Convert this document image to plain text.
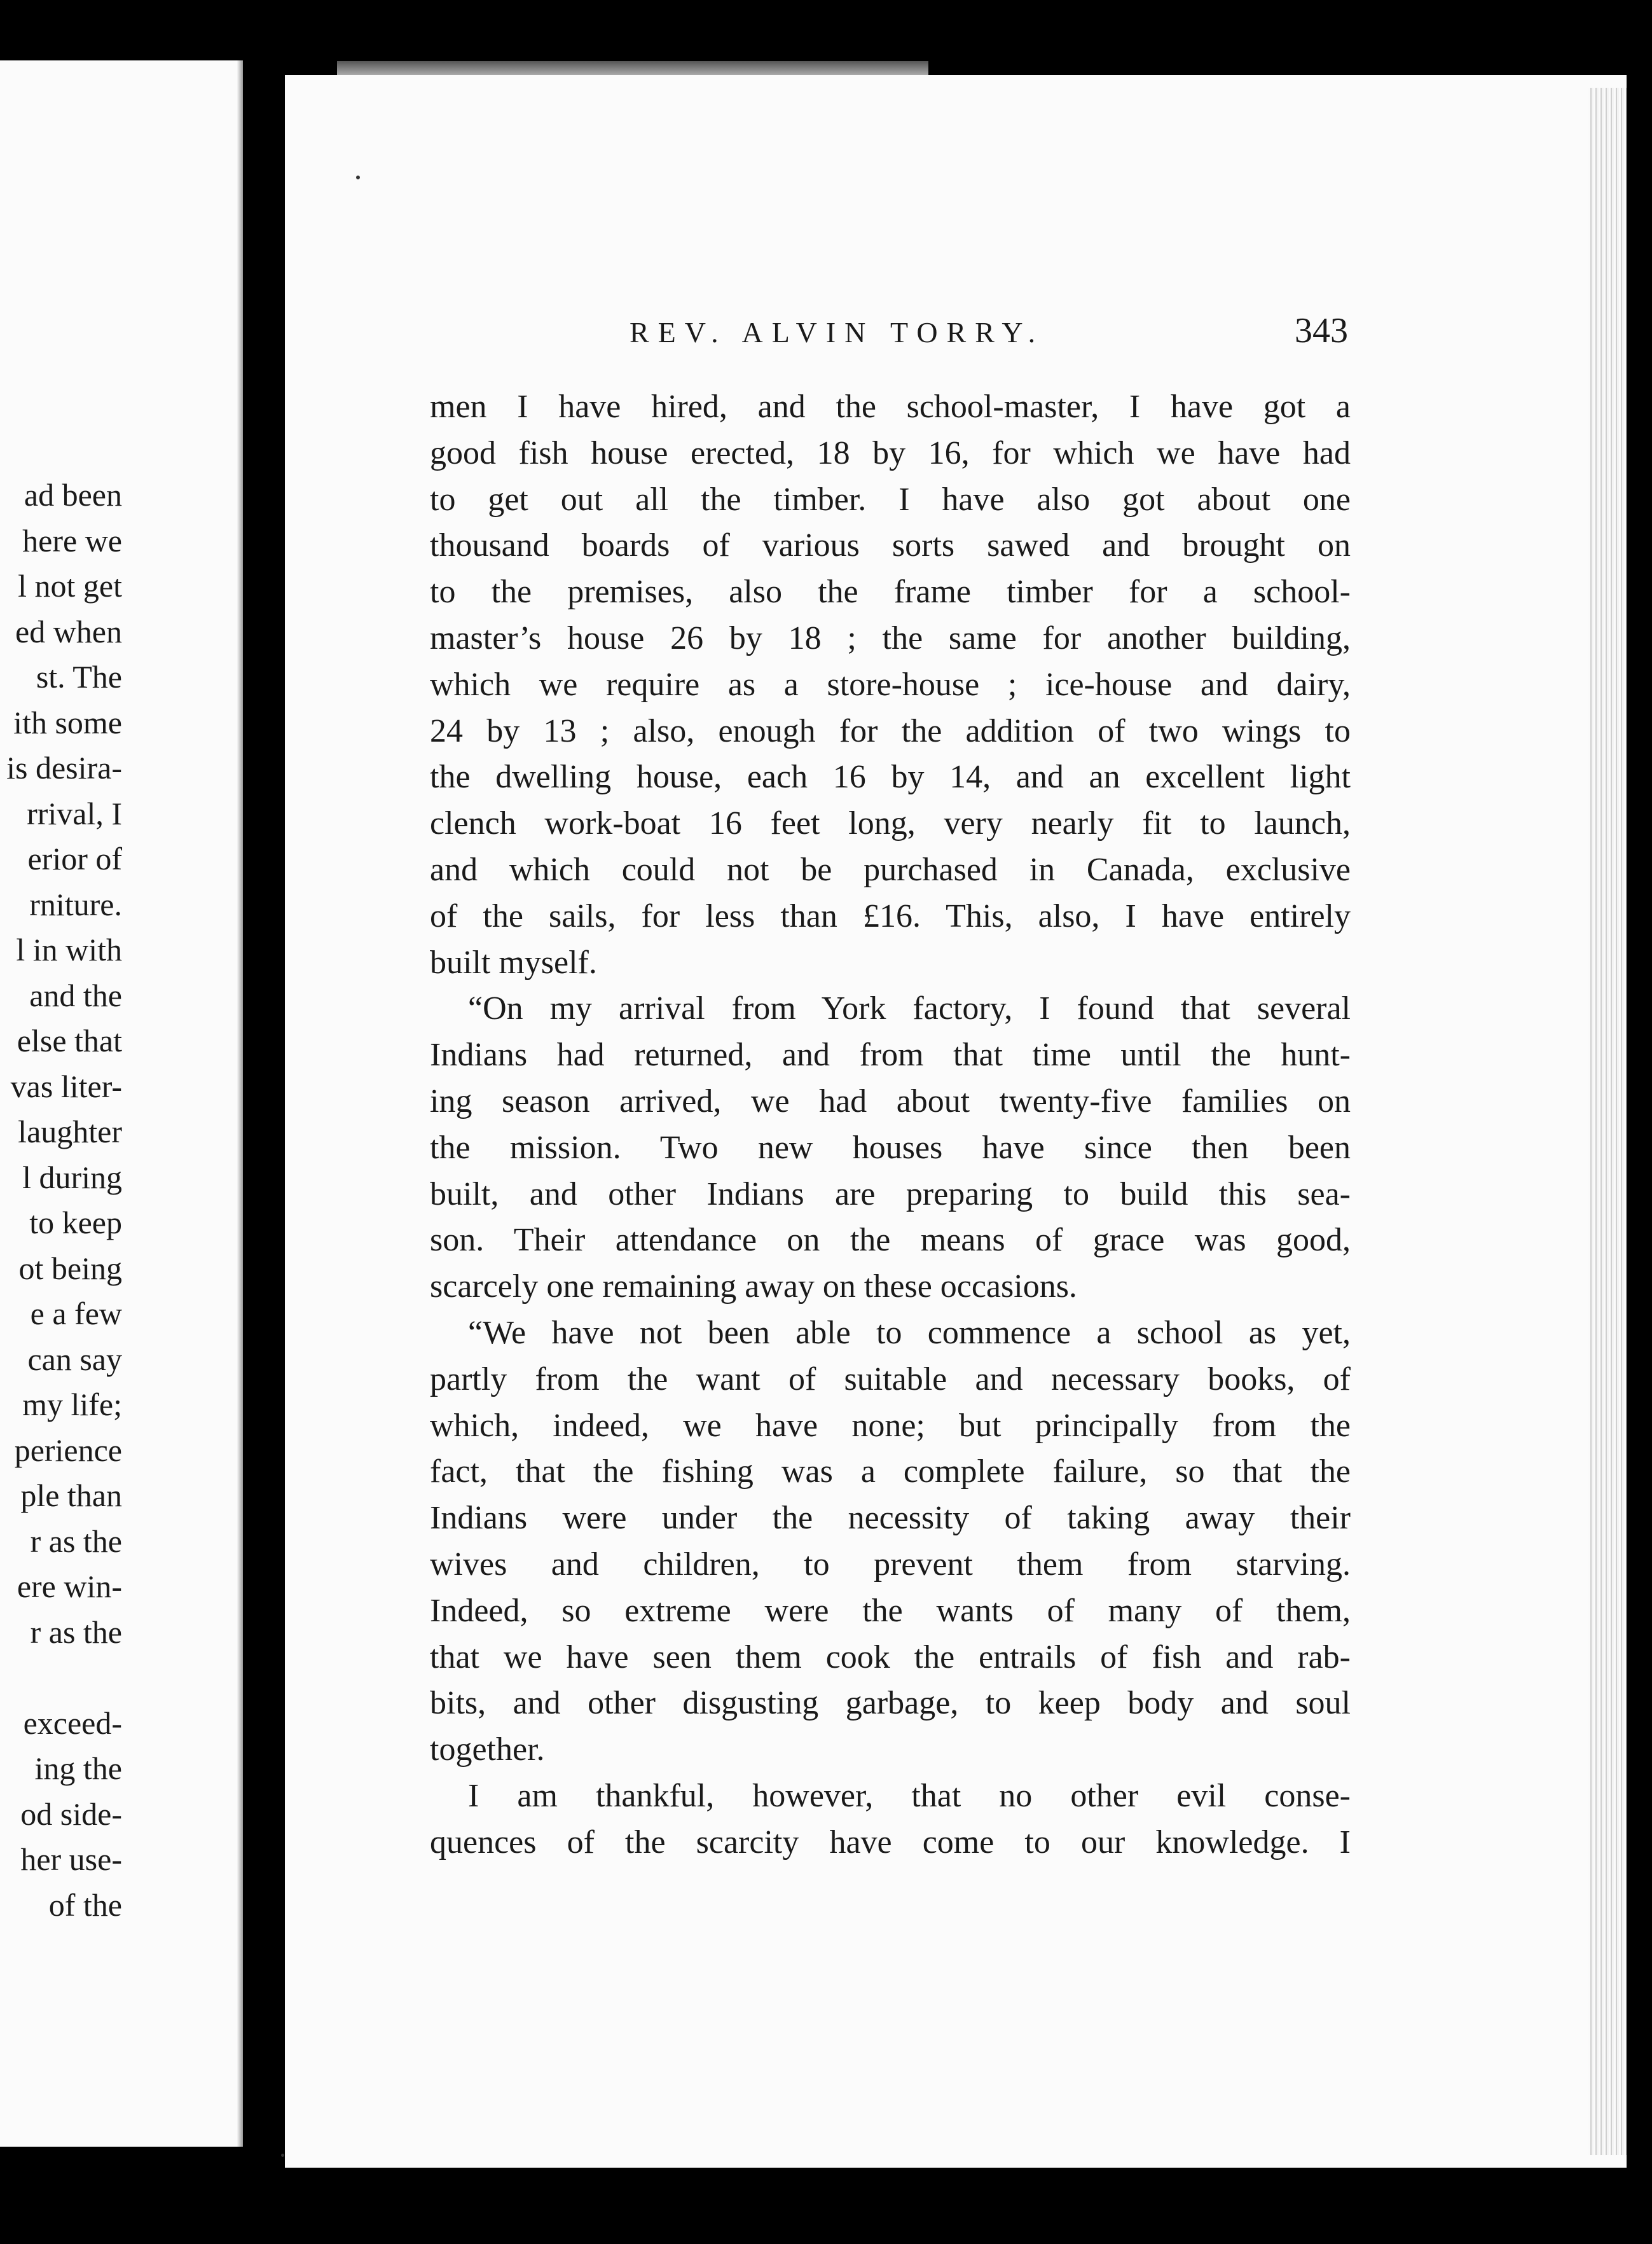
ad been
here we
l not get
ed when
st. The
ith some
is desira-
rrival, I
erior of
rniture.
l in with
and the
else that
vas liter-
laughter
l during
to keep
ot being
e a few
can say
my life;
perience
ple than
r as the
ere win-
r as the
exceed-
ing the
od side-
her use-
of the
REV. ALVIN TORRY.	343
men I have hired, and the school-master, I have got a
good fish house erected, 18 by 16, for which we have had
to get out all the timber. I have also got about one
thousand boards of various sorts sawed and brought on
to the premises, also the frame timber for a school-
master’s house 26 by 18 ; the same for another building,
which we require as a store-house ; ice-house and dairy,
24 by 13 ; also, enough for the addition of two wings to
the dwelling house, each 16 by 14, and an excellent light
clench work-boat 16 feet long, very nearly fit to launch,
and which could not be purchased in Canada, exclusive
of the sails, for less than £16. This, also, I have entirely
built myself.
“On my arrival from York factory, I found that several
Indians had returned, and from that time until the hunt-
ing season arrived, we had about twenty-five families on
the mission. Two new houses have since then been
built, and other Indians are preparing to build this sea-
son. Their attendance on the means of grace was good,
scarcely one remaining away on these occasions.
“We have not been able to commence a school as yet,
partly from the want of suitable and necessary books, of
which, indeed, we have none; but principally from the
fact, that the fishing was a complete failure, so that the
Indians were under the necessity of taking away their
wives and children, to prevent them from starving.
Indeed, so extreme were the wants of many of them,
that we have seen them cook the entrails of fish and rab-
bits, and other disgusting garbage, to keep body and soul
together.
I am thankful, however, that no other evil conse-
quences of the scarcity have come to our knowledge. I
